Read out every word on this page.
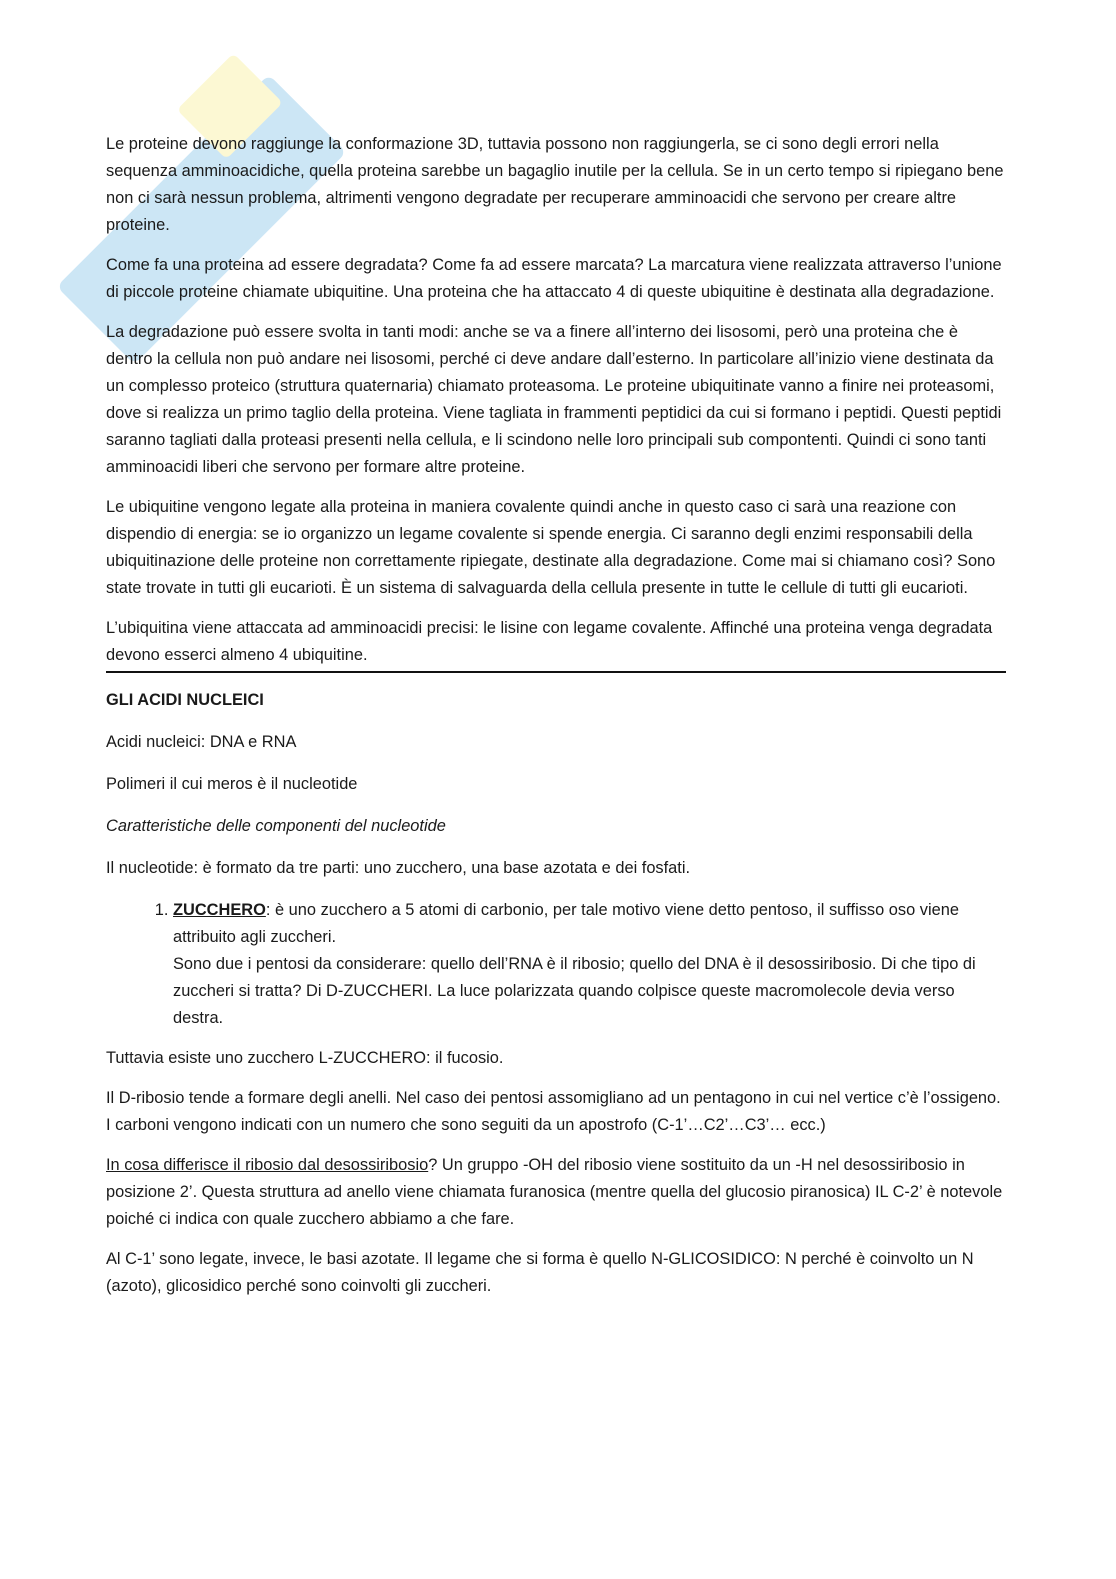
Le proteine devono raggiunge la conformazione 3D, tuttavia possono non raggiungerla, se ci sono degli errori nella sequenza amminoacidiche, quella proteina sarebbe un bagaglio inutile per la cellula. Se in un certo tempo si ripiegano bene non ci sarà nessun problema, altrimenti vengono degradate per recuperare amminoacidi che servono per creare altre proteine.

Come fa una proteina ad essere degradata? Come fa ad essere marcata? La marcatura viene realizzata attraverso l’unione di piccole proteine chiamate ubiquitine. Una proteina che ha attaccato 4 di queste ubiquitine è destinata alla degradazione.

La degradazione può essere svolta in tanti modi: anche se va a finere all’interno dei lisosomi, però una proteina che è dentro la cellula non può andare nei lisosomi, perché ci deve andare dall’esterno. In particolare all’inizio viene destinata da un complesso proteico (struttura quaternaria) chiamato proteasoma. Le proteine ubiquitinate vanno a finire nei proteasomi, dove si realizza un primo taglio della proteina. Viene tagliata in frammenti peptidici da cui si formano i peptidi. Questi peptidi saranno tagliati dalla proteasi presenti nella cellula, e li scindono nelle loro principali sub compontenti. Quindi ci sono tanti amminoacidi liberi che servono per formare altre proteine.

Le ubiquitine vengono legate alla proteina in maniera covalente quindi anche in questo caso ci sarà una reazione con dispendio di energia: se io organizzo un legame covalente si spende energia. Ci saranno degli enzimi responsabili della ubiquitinazione delle proteine non correttamente ripiegate, destinate alla degradazione. Come mai si chiamano così? Sono state trovate in tutti gli eucarioti. È un sistema di salvaguarda della cellula presente in tutte le cellule di tutti gli eucarioti.

L’ubiquitina viene attaccata ad amminoacidi precisi: le lisine con legame covalente. Affinché una proteina venga degradata devono esserci almeno 4 ubiquitine.

GLI ACIDI NUCLEICI

Acidi nucleici: DNA e RNA

Polimeri il cui meros è il nucleotide

Caratteristiche delle componenti del nucleotide

Il nucleotide: è formato da tre parti: uno zucchero, una base azotata e dei fosfati.

1. ZUCCHERO: è uno zucchero a 5 atomi di carbonio, per tale motivo viene detto pentoso, il suffisso oso viene attribuito agli zuccheri.
Sono due i pentosi da considerare: quello dell’RNA è il ribosio; quello del DNA è il desossiribosio. Di che tipo di zuccheri si tratta? Di D-ZUCCHERI. La luce polarizzata quando colpisce queste macromolecole devia verso destra.

Tuttavia esiste uno zucchero L-ZUCCHERO: il fucosio.

Il D-ribosio tende a formare degli anelli. Nel caso dei pentosi assomigliano ad un pentagono in cui nel vertice c’è l’ossigeno. I carboni vengono indicati con un numero che sono seguiti da un apostrofo (C-1’…C2’…C3’… ecc.)

In cosa differisce il ribosio dal desossiribosio? Un gruppo -OH del ribosio viene sostituito da un -H nel desossiribosio in posizione 2’. Questa struttura ad anello viene chiamata furanosica (mentre quella del glucosio piranosica) IL C-2’ è notevole poiché ci indica con quale zucchero abbiamo a che fare.

Al C-1’ sono legate, invece, le basi azotate. Il legame che si forma è quello N-GLICOSIDICO: N perché è coinvolto un N (azoto), glicosidico perché sono coinvolti gli zuccheri.
